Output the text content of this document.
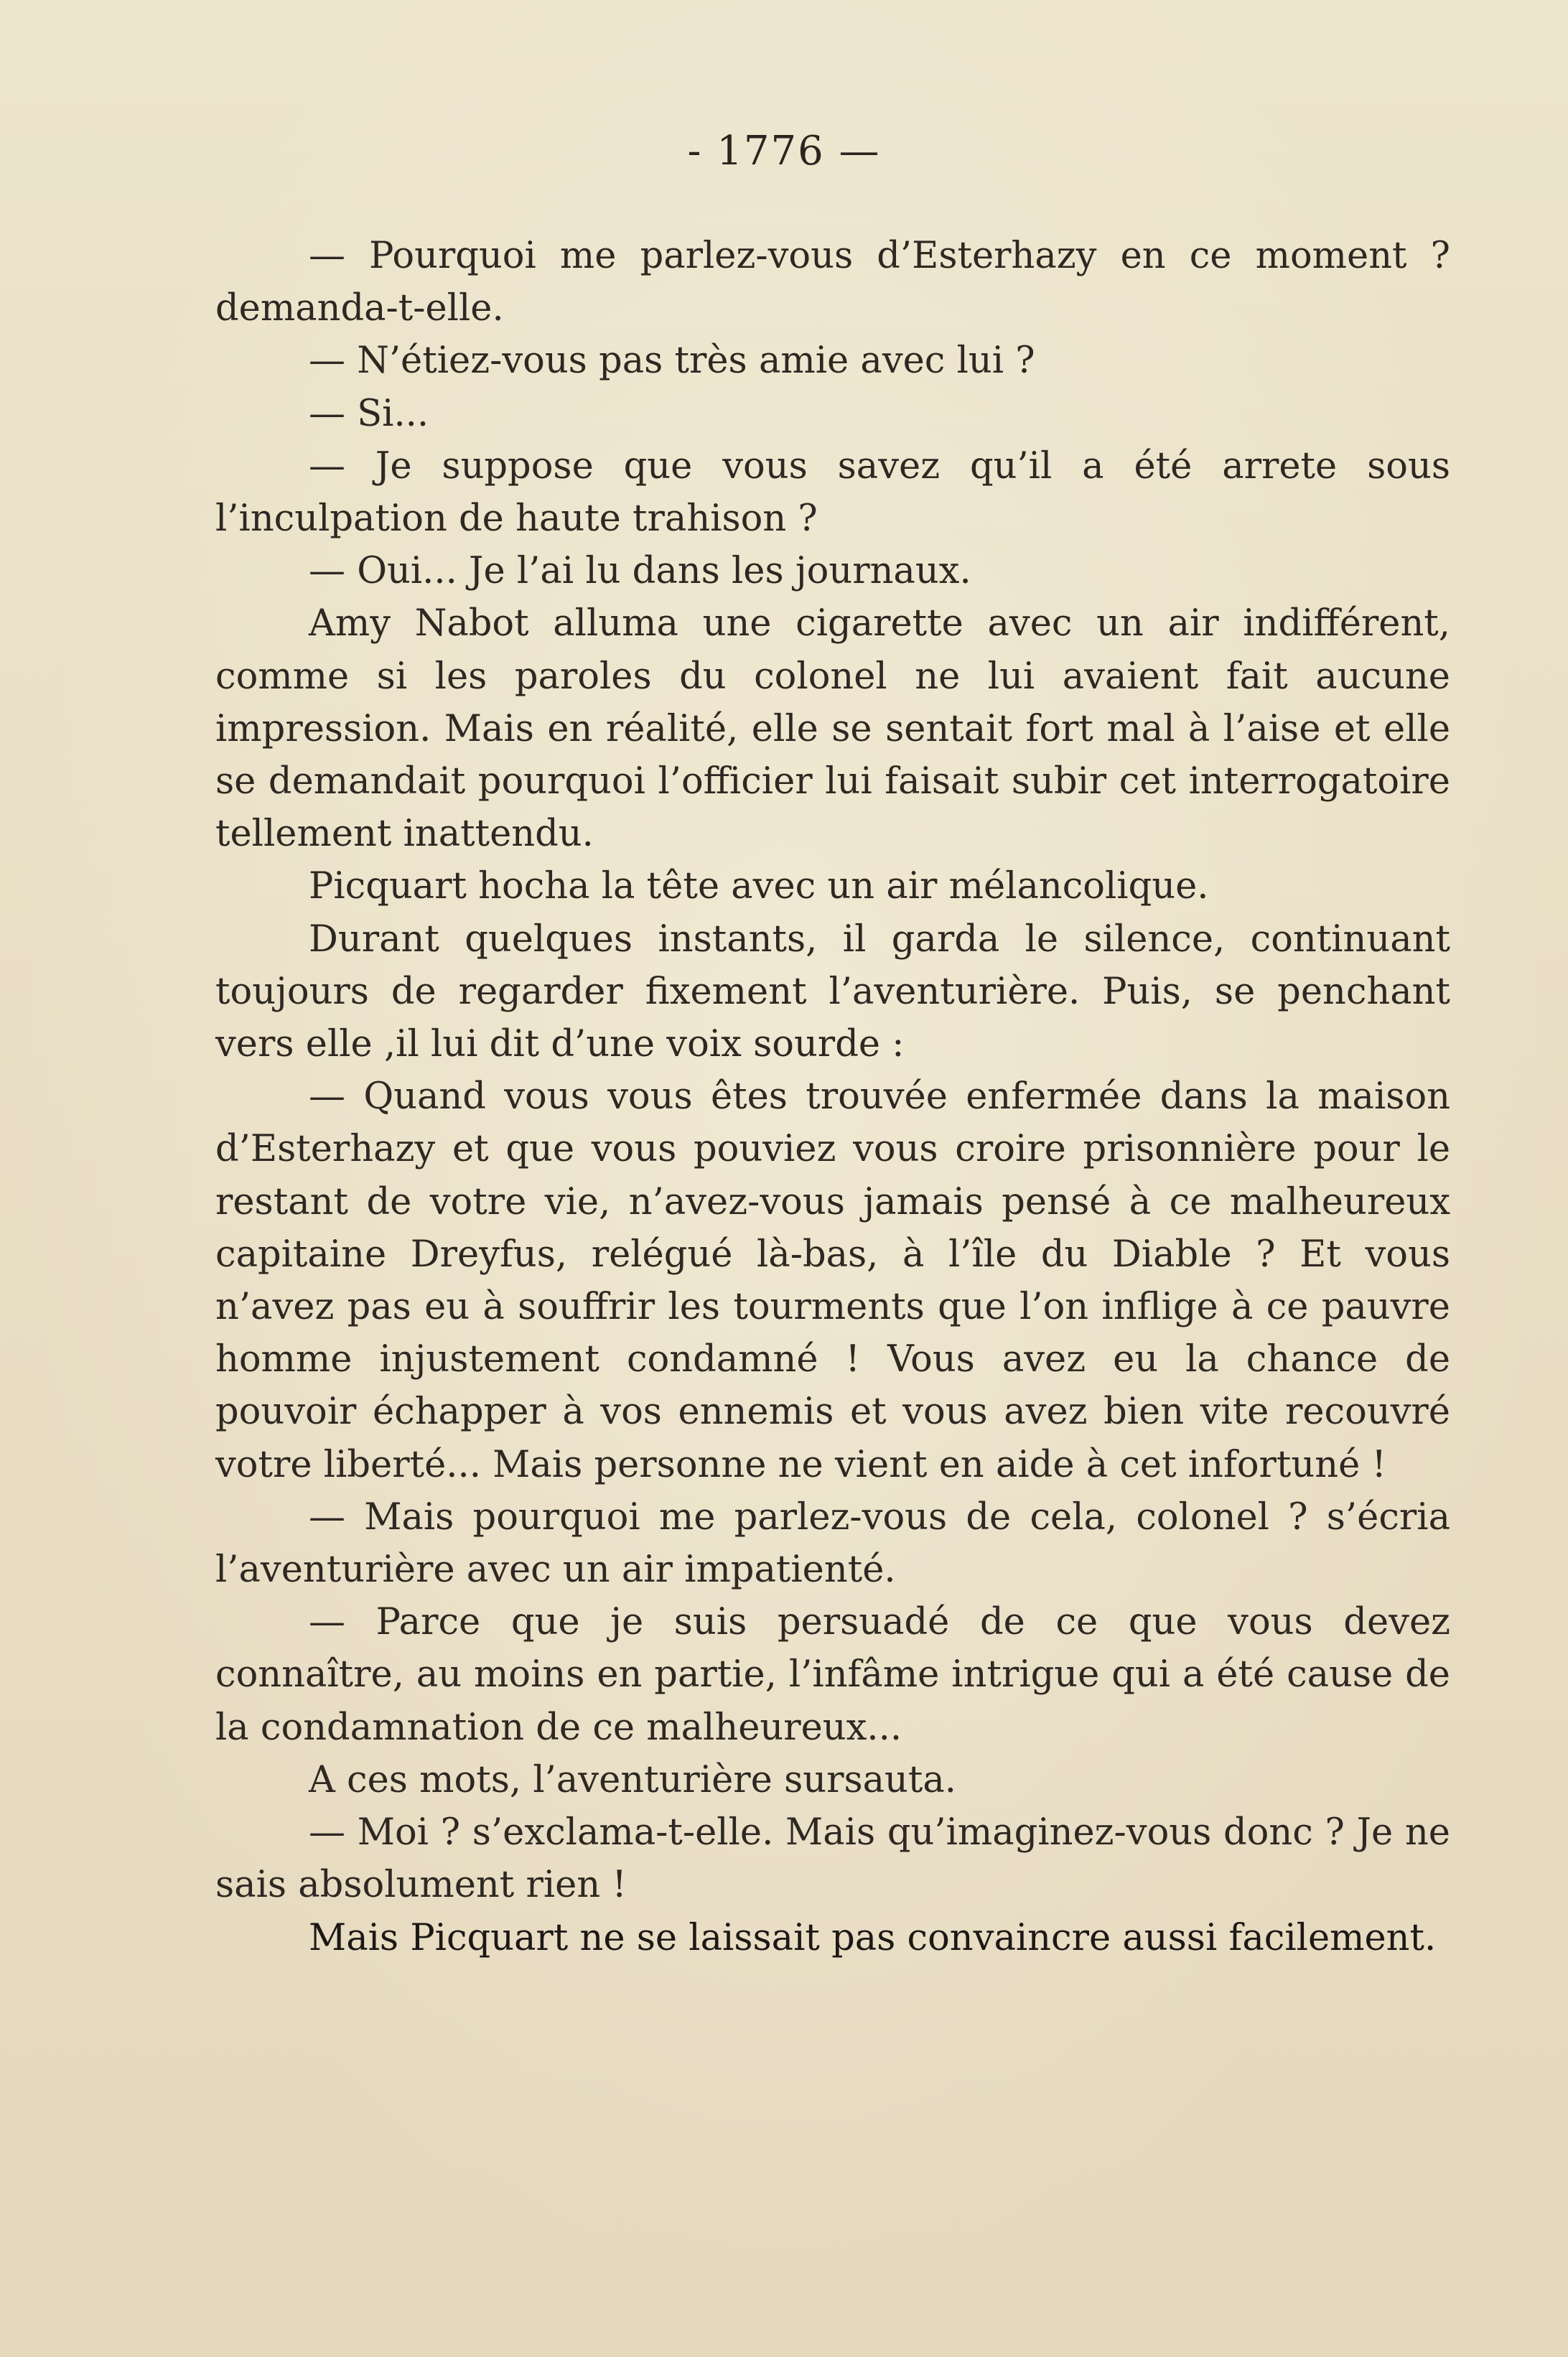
- 1776 —

— Pourquoi me parlez-vous d’Esterhazy en ce moment ? demanda-t-elle.

— N’étiez-vous pas très amie avec lui ?

— Si...

— Je suppose que vous savez qu’il a été arrete sous l’inculpation de haute trahison ?

— Oui... Je l’ai lu dans les journaux.

Amy Nabot alluma une cigarette avec un air indifférent, comme si les paroles du colonel ne lui avaient fait aucune impression. Mais en réalité, elle se sentait fort mal à l’aise et elle se demandait pourquoi l’officier lui faisait subir cet interrogatoire tellement inattendu.

Picquart hocha la tête avec un air mélancolique.

Durant quelques instants, il garda le silence, continuant toujours de regarder fixement l’aventurière. Puis, se penchant vers elle ,il lui dit d’une voix sourde :

— Quand vous vous êtes trouvée enfermée dans la maison d’Esterhazy et que vous pouviez vous croire prisonnière pour le restant de votre vie, n’avez-vous jamais pensé à ce malheureux capitaine Dreyfus, relégué là-bas, à l’île du Diable ? Et vous n’avez pas eu à souffrir les tourments que l’on inflige à ce pauvre homme injustement condamné ! Vous avez eu la chance de pouvoir échapper à vos ennemis et vous avez bien vite recouvré votre liberté... Mais personne ne vient en aide à cet infortuné !

— Mais pourquoi me parlez-vous de cela, colonel ? s’écria l’aventurière avec un air impatienté.

— Parce que je suis persuadé de ce que vous devez connaître, au moins en partie, l’infâme intrigue qui a été cause de la condamnation de ce malheureux...

A ces mots, l’aventurière sursauta.

— Moi ? s’exclama-t-elle. Mais qu’imaginez-vous donc ? Je ne sais absolument rien !

Mais Picquart ne se laissait pas convaincre aussi facilement.
